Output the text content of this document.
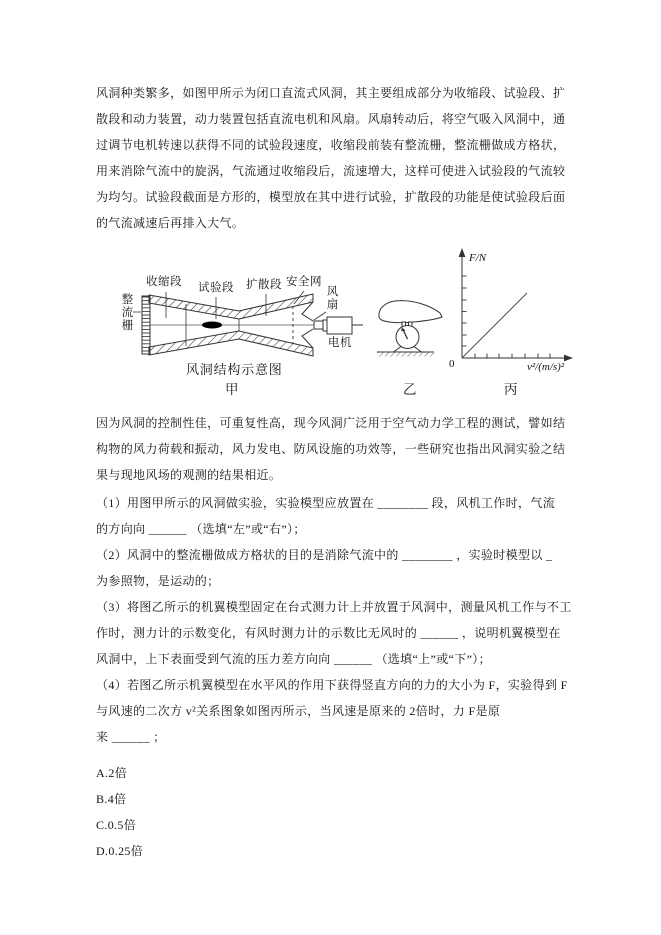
风洞种类繁多，如图甲所示为闭口直流式风洞，其主要组成部分为收缩段、试验段、扩
散段和动力装置，动力装置包括直流电机和风扇。风扇转动后，将空气吸入风洞中，通
过调节电机转速以获得不同的试验段速度，收缩段前装有整流栅，整流栅做成方格状，
用来消除气流中的旋涡，气流通过收缩段后，流速增大，这样可使进入试验段的气流较
为均匀。试验段截面是方形的，模型放在其中进行试验，扩散段的功能是使试验段后面
的气流减速后再排入大气。
整流栅
收缩段 试验段 扩散段 安全网
风扇
电机
风洞结构示意图
甲	乙	丙
F/N
0	v²/(m/s)²
因为风洞的控制性佳，可重复性高，现今风洞广泛用于空气动力学工程的测试，譬如结
构物的风力荷载和振动，风力发电、防风设施的功效等，一些研究也指出风洞实验之结
果与现地风场的观测的结果相近。
（1）用图甲所示的风洞做实验，实验模型应放置在 ________ 段，风机工作时，气流
的方向向 ______ （选填“左”或“右”）；
（2）风洞中的整流栅做成方格状的目的是消除气流中的 ________ ，实验时模型以 _
为参照物，是运动的；
（3）将图乙所示的机翼模型固定在台式测力计上并放置于风洞中，测量风机工作与不工
作时，测力计的示数变化，有风时测力计的示数比无风时的 ______ ，说明机翼模型在
风洞中，上下表面受到气流的压力差方向向 ______ （选填“上”或“下”）；
（4）若图乙所示机翼模型在水平风的作用下获得竖直方向的力的大小为 F，实验得到 F
与风速的二次方 v²关系图象如图丙所示，当风速是原来的 2倍时，力 F是原
来 ______ ；
A.2倍
B.4倍
C.0.5倍
D.0.25倍
